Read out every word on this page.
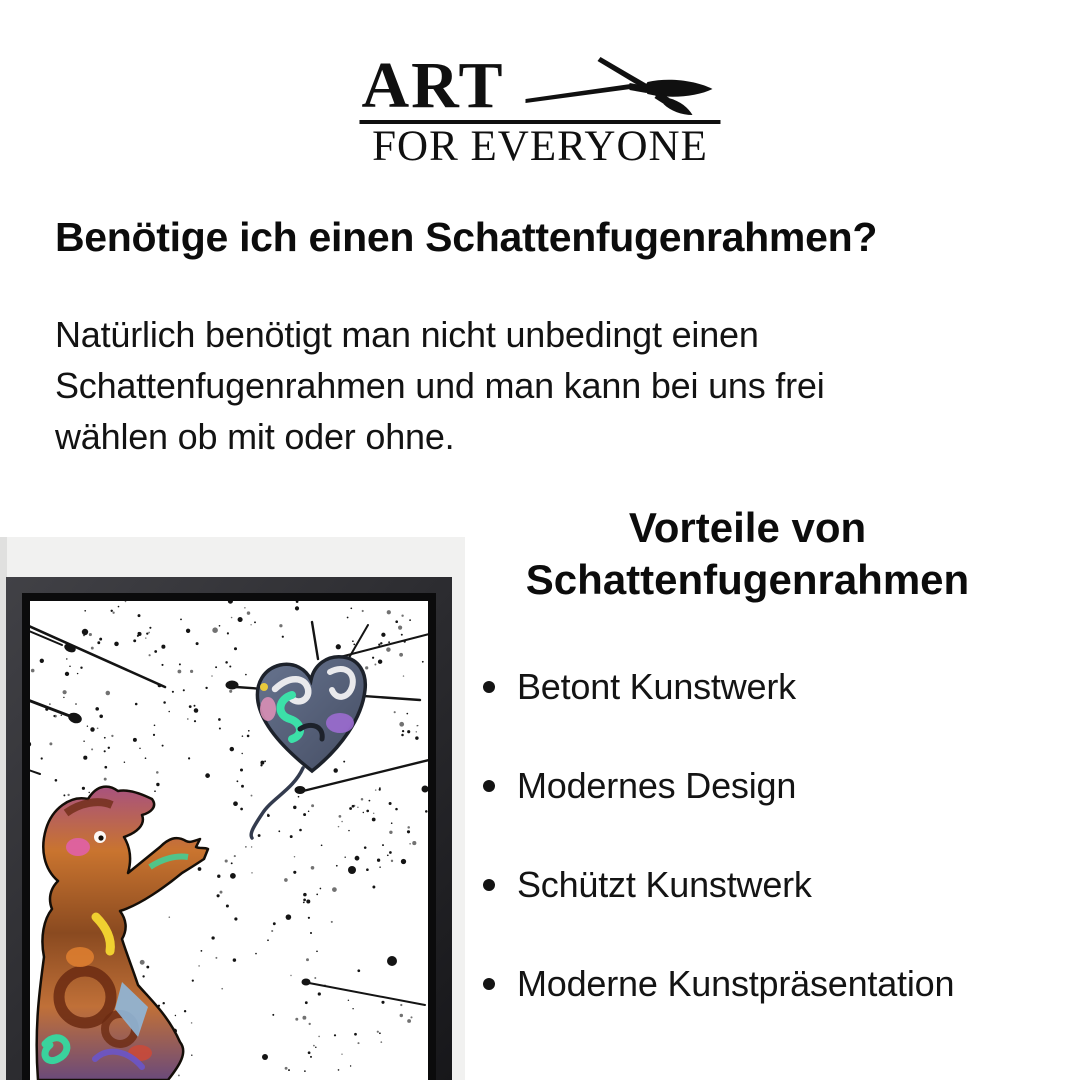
ART
FOR EVERYONE
Benötige ich einen Schattenfugenrahmen?
Natürlich benötigt man nicht unbedingt einen
Schattenfugenrahmen und man kann bei uns frei
wählen ob mit oder ohne.
Vorteile von
Schattenfugenrahmen
Betont Kunstwerk
Modernes Design
Schützt Kunstwerk
Moderne Kunstpräsentation
